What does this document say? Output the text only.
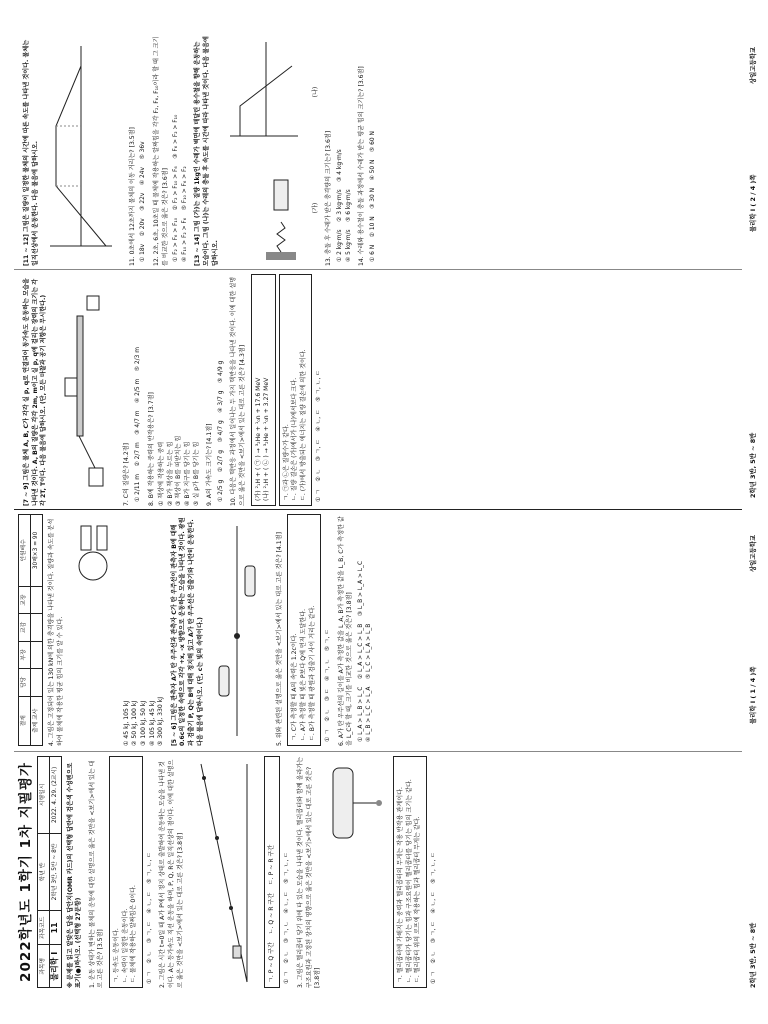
2022학년도 1학기 1차 지필평가 과목명	과목코드	학년 반	시행일시
물리학 I	11	2학년 3반, 5반 ~ 8반	2022. 4. 29. (2교시) ※ 문제를 읽고 알맞은 답을 답안지(OMR 카드)의 선택형 답란에 검은색 수성펜으로 표기(●)하시오. (선택형 27문항) 1. 운동 상태가 변하는 물체의 운동에 대한 설명으로 옳은 것만을 <보기>에서 있는 대로 고른 것은? [3.5점] ㄱ. 등속도 운동이다. ㄴ. 속력이 일정한 운동이다. ㄷ. 물체에 작용하는 알짜힘은 0이다. ① ㄱ    ② ㄴ    ③ ㄱ, ㄷ    ④ ㄴ, ㄷ    ⑤ ㄱ, ㄴ, ㄷ 2. 그림은 시간 t=0일 때 A가 P에서 정지 상태로 출발하여 운동하는 모습을 나타낸 것이다. A는 등가속도 직선 운동을 하며, P, Q, R은 일직선상의 점이다. 이에 대한 설명으로 옳은 것만을 <보기>에서 있는 대로 고른 것은? [3.8점]	ㄱ. P ~ Q 구간    ㄴ. Q ~ R 구간    ㄷ. P ~ R 구간	① ㄱ    ② ㄴ    ③ ㄱ, ㄴ    ④ ㄴ, ㄷ    ⑤ ㄱ, ㄴ, ㄷ 3. 그림은 헬리콥터 당기 위에 타 있는 모습을 나타낸 것이다. 헬리콥터와 함께 올라가는 구조요원과 고정된 장치의 영향으로 옳은 것만을 <보기>에서 있는 대로 고른 것은? [3.8점]	ㄱ. 헬리콥터에 가해지는 중력과 헬리콥터의 무게는 작용 반작용 관계이다. ㄴ. 헬리콥터가 당기는 힘과 구조요원이 헬리콥터를 당기는 힘의 크기는 같다. ㄷ. 헬리콥터 위의 로프에 작용하는 힘과 헬리콥터 무게는 같다. ① ㄱ    ② ㄴ    ③ ㄱ, ㄷ    ④ ㄴ, ㄷ    ⑤ ㄱ, ㄴ, ㄷ
결재	담당	부장	교감	교장	인원배수
출제 교사					30매×3 = 90 4. 그림은 고정되어 있는 130 kN에 의한 충격량을 나타낸 것이다. 질량과 속도를 분석하여 물체에 작용한 평균 힘의 크기를 알 수 있다.	① 45 kJ, 105 kJ ② 50 kJ, 100 kJ ③ 100 kJ, 50 kJ ④ 105 kJ, 45 kJ ⑤ 300 kJ, 330 kJ [5 ~ 6] 그림은 관측자 A가 탄 우주선과 관측자 C가 탄 우주선이 관측자 B에 대해 0.6c의 일정한 속력으로 각각 +x, -x 방향으로 운동하는 모습을 나타낸 것이다. 광원과 검출기 P, Q는 B에 대해 정지해 있고 A가 탄 우주선은 검출기와 나란히 운동한다. 다음 물음에 답하시오. (단, c는 빛의 속력이다.)	5. 위와 관련된 설명으로 옳은 것만을 <보기>에서 있는 대로 고른 것은? [4.1점] ㄱ. C가 측정할 때 A의 속력은 1.2c이다. ㄴ. A가 측정할 때 빛은 P보다 Q에 먼저 도달한다. ㄷ. B가 측정할 때 광원과 검출기 사이 거리는 같다. ① ㄱ    ② ㄴ    ③ ㄷ    ④ ㄱ, ㄴ    ⑤ ㄱ, ㄷ 6. A가 탄 우주선의 길이를 A가 측정한 값을 L_A, B가 측정한 값을 L_B, C가 측정한 값을 L_C라 할 때, 크기를 비교한 것으로 옳은 것은? [3.8점] ① L_A > L_B > L_C    ② L_A > L_C > L_B    ③ L_B > L_A > L_C
④ L_B > L_C > L_A    ⑤ L_C > L_A > L_B
[7 ~ 9] 그림은 물체 A, B, C가 각각 실 p, q로 연결되어 동가속도 운동하는 모습을 나타낸 것이다. A, B의 질량은 각각 2m, m이고 실 p, q에 걸리는 장력의 크기는 각각 2T, T이다. 다음 물음에 답하시오. (단, 모든 마찰과 공기 저항은 무시한다.)	7. C의 질량은? [4.2점] ① 2/11 m    ② 2/7 m    ③ 4/7 m    ④ 2/5 m    ⑤ 2/3 m 8. B에 작용하는 중력의 반작용은? [3.7점] ① 책상에 작용하는 중력 ② B가 책상을 누르는 힘 ③ 책상이 B를 떠받치는 힘 ④ B가 지구를 당기는 힘 ⑤ 실 p가 B를 당기는 힘 9. A의 가속도 크기는? [4.1점] ① 2/5 g    ② 2/7 g    ③ 4/7 g    ④ 3/7 g    ⑤ 4/9 g 10. 다음은 핵반응 과정에서 일어나는 두 가지 핵반응을 나타낸 것이다. 이에 대한 설명으로 옳은 것만을 <보기>에서 있는 대로 고른 것은? [4.3점] (가) ²₁H + ( ㉠ ) → ³₂He + ¹₀n + 17.6 MeV (나) ²₁H + ( ㉡ ) → ³₂He + ¹₀n + 3.27 MeV ㄱ. ㉠과 ㉡은 질량수가 같다. ㄴ. 질량 결손은 (가)에서가 (나)에서보다 크다. ㄷ. (가)에서 방출되는 에너지는 질량 결손에 의한 것이다. ① ㄱ    ② ㄴ    ③ ㄱ, ㄷ    ④ ㄴ, ㄷ    ⑤ ㄱ, ㄴ, ㄷ
[11 ~ 12] 그림은 질량이 일정한 물체의 시간에 따른 속도를 나타낸 것이다. 물체는 일직선상에서 운동한다. 다음 물음에 답하시오.	11. 0초에서 12초까지 물체의 이동 거리는? [3.5점] ① 18v    ② 20v    ③ 22v    ④ 24v    ⑤ 36v 12. 2초, 6초, 10초일 때 물체에 작용하는 알짜힘을 각각 F₂, F₆, F₁₀이라 할 때 그 크기를 비교한 것으로 옳은 것은? [3.6점] ① F₂ > F₆ > F₁₀    ② F₂ > F₁₀ > F₆    ③ F₆ > F₂ > F₁₀
④ F₁₀ > F₂ > F₆    ⑤ F₁₀ > F₆ > F₂ [13 ~ 14] 그림 (가)는 질량 1kg인 수레가 벽면에 매달린 용수철을 향해 운동하는 모습이다. 그림 (나)는 수레의 충돌 후 속도를 시간에 따라 나타낸 것이다. 다음 물음에 답하시오.
(가)
(나)
13. 충돌 후 수레가 받은 충격량의 크기는? [3.6점] ① 2 kg·m/s    ② 3 kg·m/s    ③ 4 kg·m/s
④ 5 kg·m/s    ⑤ 6 kg·m/s 14. 수레와 용수철이 충돌 과정에서 수레가 받는 평균 힘의 크기는? [3.6점] ① 6 N    ② 10 N    ③ 30 N    ④ 50 N    ⑤ 60 N
2학년 3반, 5반 ~ 8반
물리학 I ( 1 / 4 )쪽
상일고등학교
2학년 3반, 5반 ~ 8반
물리학 I ( 2 / 4 )쪽
상일고등학교
